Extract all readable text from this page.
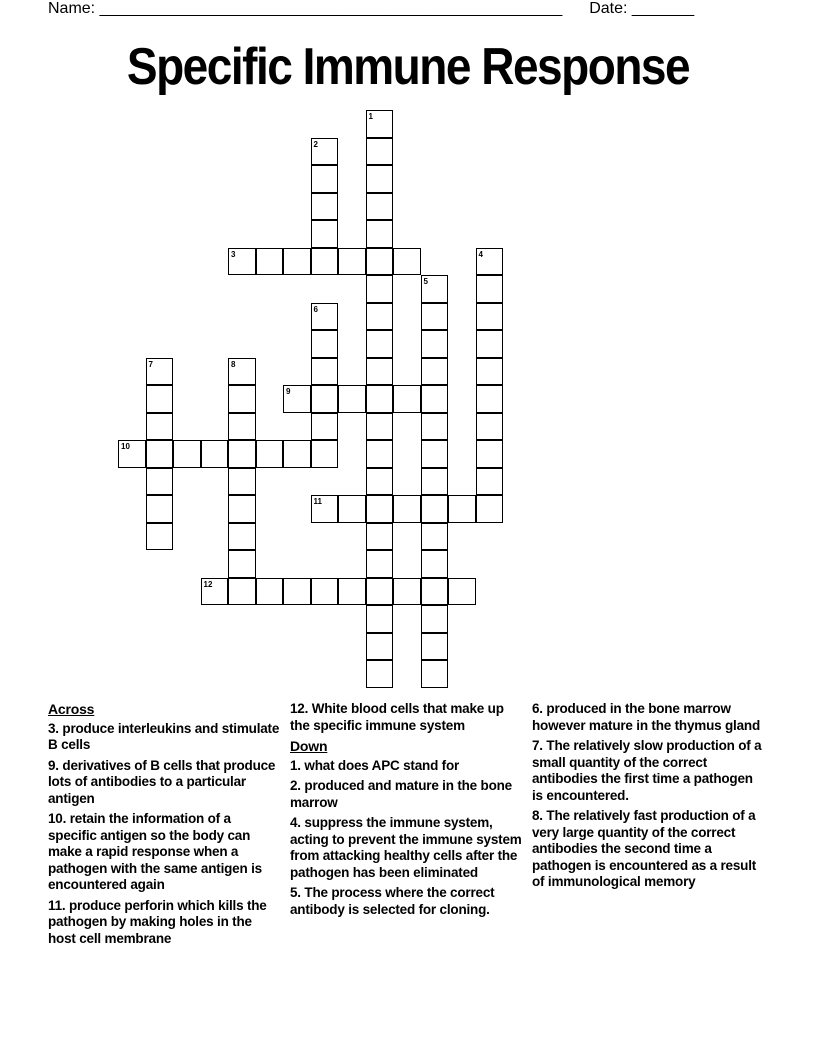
Name: ____________________________________________________ Date: _______
Specific Immune Response
1
2
3	4
5
6
7	8
9
10
11
12
Across
3. produce interleukins and stimulate B cells
9. derivatives of B cells that produce lots of antibodies to a particular antigen
10. retain the information of a specific antigen so the body can make a rapid response when a pathogen with the same antigen is encountered again
11. produce perforin which kills the pathogen by making holes in the host cell membrane
12. White blood cells that make up the specific immune system
Down
1. what does APC stand for
2. produced and mature in the bone marrow
4. suppress the immune system, acting to prevent the immune system from attacking healthy cells after the pathogen has been eliminated
5. The process where the correct antibody is selected for cloning.
6. produced in the bone marrow however mature in the thymus gland
7. The relatively slow production of a small quantity of the correct antibodies the first time a pathogen is encountered.
8. The relatively fast production of a very large quantity of the correct antibodies the second time a pathogen is encountered as a result of immunological memory
